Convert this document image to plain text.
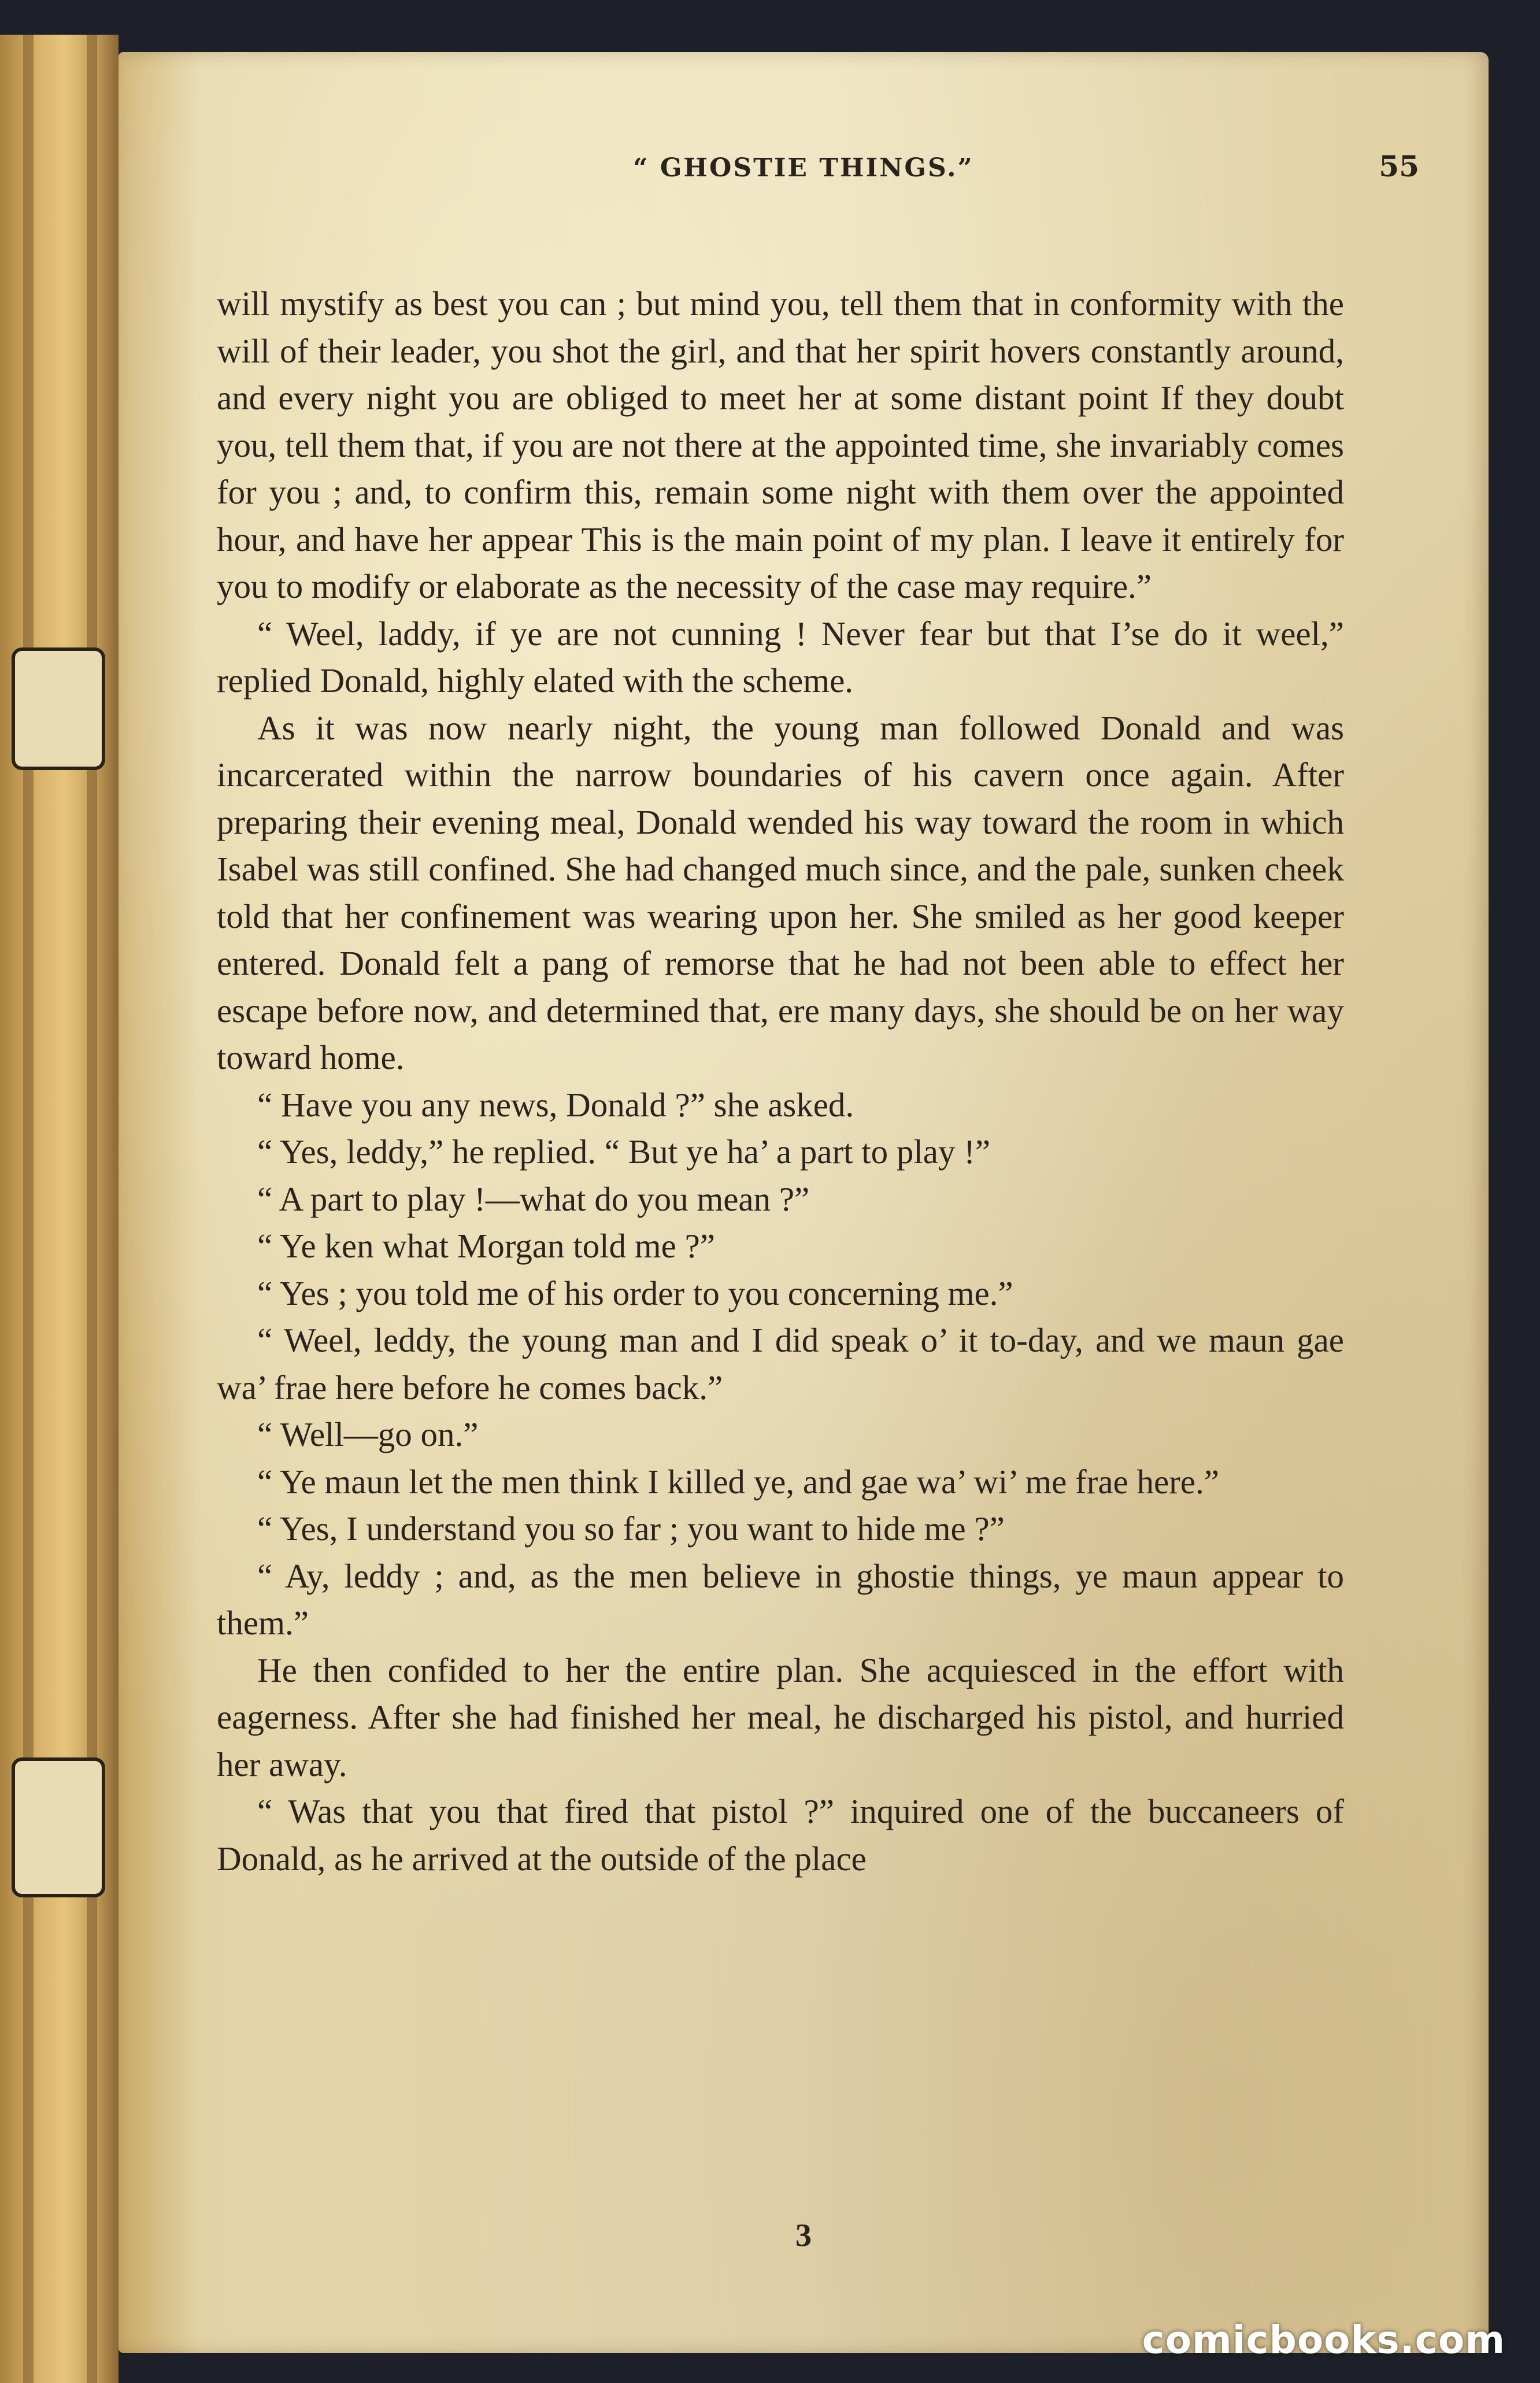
“ GHOSTIE THINGS.”	55

will mystify as best you can ; but mind you, tell them that in conformity with the will of their leader, you shot the girl, and that her spirit hovers constantly around, and every night you are obliged to meet her at some distant point If they doubt you, tell them that, if you are not there at the appointed time, she invariably comes for you ; and, to confirm this, remain some night with them over the appointed hour, and have her appear This is the main point of my plan. I leave it entirely for you to modify or elaborate as the necessity of the case may require.”

“ Weel, laddy, if ye are not cunning ! Never fear but that I’se do it weel,” replied Donald, highly elated with the scheme.

As it was now nearly night, the young man followed Donald and was incarcerated within the narrow boundaries of his cavern once again. After preparing their evening meal, Donald wended his way toward the room in which Isabel was still confined. She had changed much since, and the pale, sunken cheek told that her confinement was wearing upon her. She smiled as her good keeper entered. Donald felt a pang of remorse that he had not been able to effect her escape before now, and determined that, ere many days, she should be on her way toward home.

“ Have you any news, Donald ?” she asked.

“ Yes, leddy,” he replied. “ But ye ha’ a part to play !”

“ A part to play !—what do you mean ?”

“ Ye ken what Morgan told me ?”

“ Yes ; you told me of his order to you concerning me.”

“ Weel, leddy, the young man and I did speak o’ it to-day, and we maun gae wa’ frae here before he comes back.”

“ Well—go on.”

“ Ye maun let the men think I killed ye, and gae wa’ wi’ me frae here.”

“ Yes, I understand you so far ; you want to hide me ?”

“ Ay, leddy ; and, as the men believe in ghostie things, ye maun appear to them.”

He then confided to her the entire plan. She acquiesced in the effort with eagerness. After she had finished her meal, he discharged his pistol, and hurried her away.

“ Was that you that fired that pistol ?” inquired one of the buccaneers of Donald, as he arrived at the outside of the place

3
comicbooks.com
